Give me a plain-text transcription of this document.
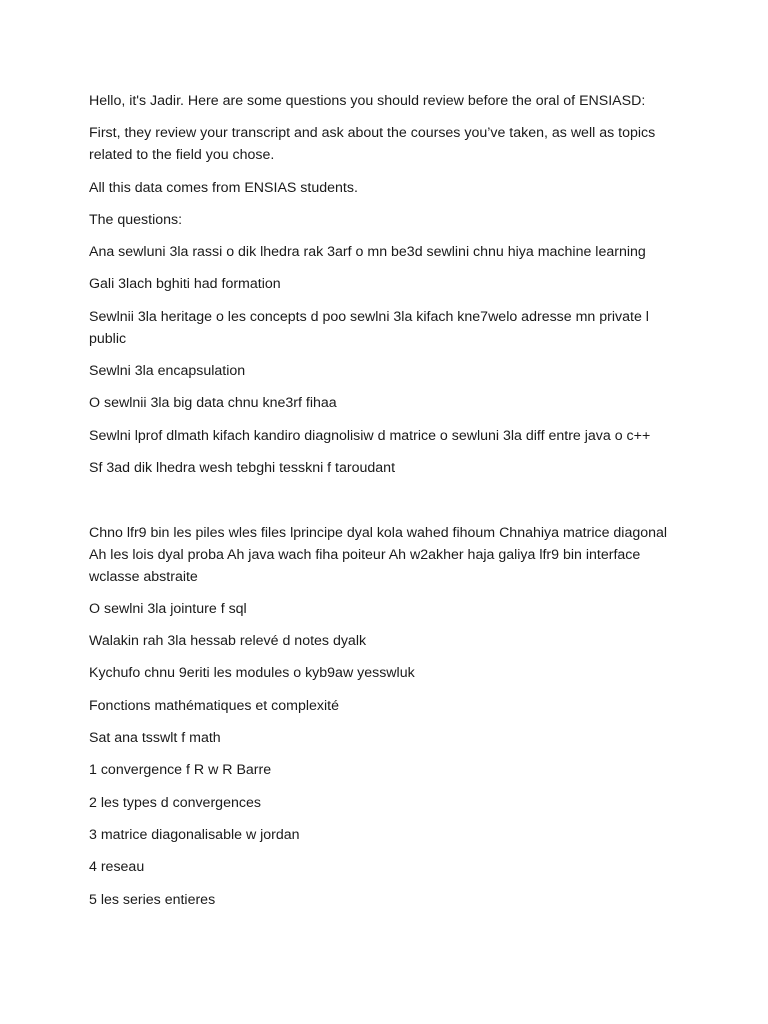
Hello, it's Jadir. Here are some questions you should review before the oral of ENSIASD:

First, they review your transcript and ask about the courses you’ve taken, as well as topics related to the field you chose.

All this data comes from ENSIAS students.

The questions:

Ana sewluni 3la rassi o dik lhedra rak 3arf o mn be3d sewlini chnu hiya machine learning

Gali 3lach bghiti had formation

Sewlnii 3la heritage o les concepts d poo sewlni 3la kifach kne7welo adresse mn private l public

Sewlni 3la encapsulation

O sewlnii 3la big data chnu kne3rf fihaa

Sewlni lprof dlmath kifach kandiro diagnolisiw d matrice o sewluni 3la diff entre java o c++

Sf 3ad dik lhedra wesh tebghi tesskni f taroudant

Chno lfr9 bin les piles wles files lprincipe dyal kola wahed fihoum Chnahiya matrice diagonal Ah les lois dyal proba Ah java wach fiha poiteur Ah w2akher haja galiya lfr9 bin interface wclasse abstraite

O sewlni 3la jointure f sql

Walakin rah 3la hessab relevé d notes dyalk

Kychufo chnu 9eriti les modules o kyb9aw yesswluk

Fonctions mathématiques et complexité

Sat ana tsswlt f math

1 convergence f R w R Barre

2 les types d convergences

3 matrice diagonalisable w jordan

4 reseau

5 les series entieres
